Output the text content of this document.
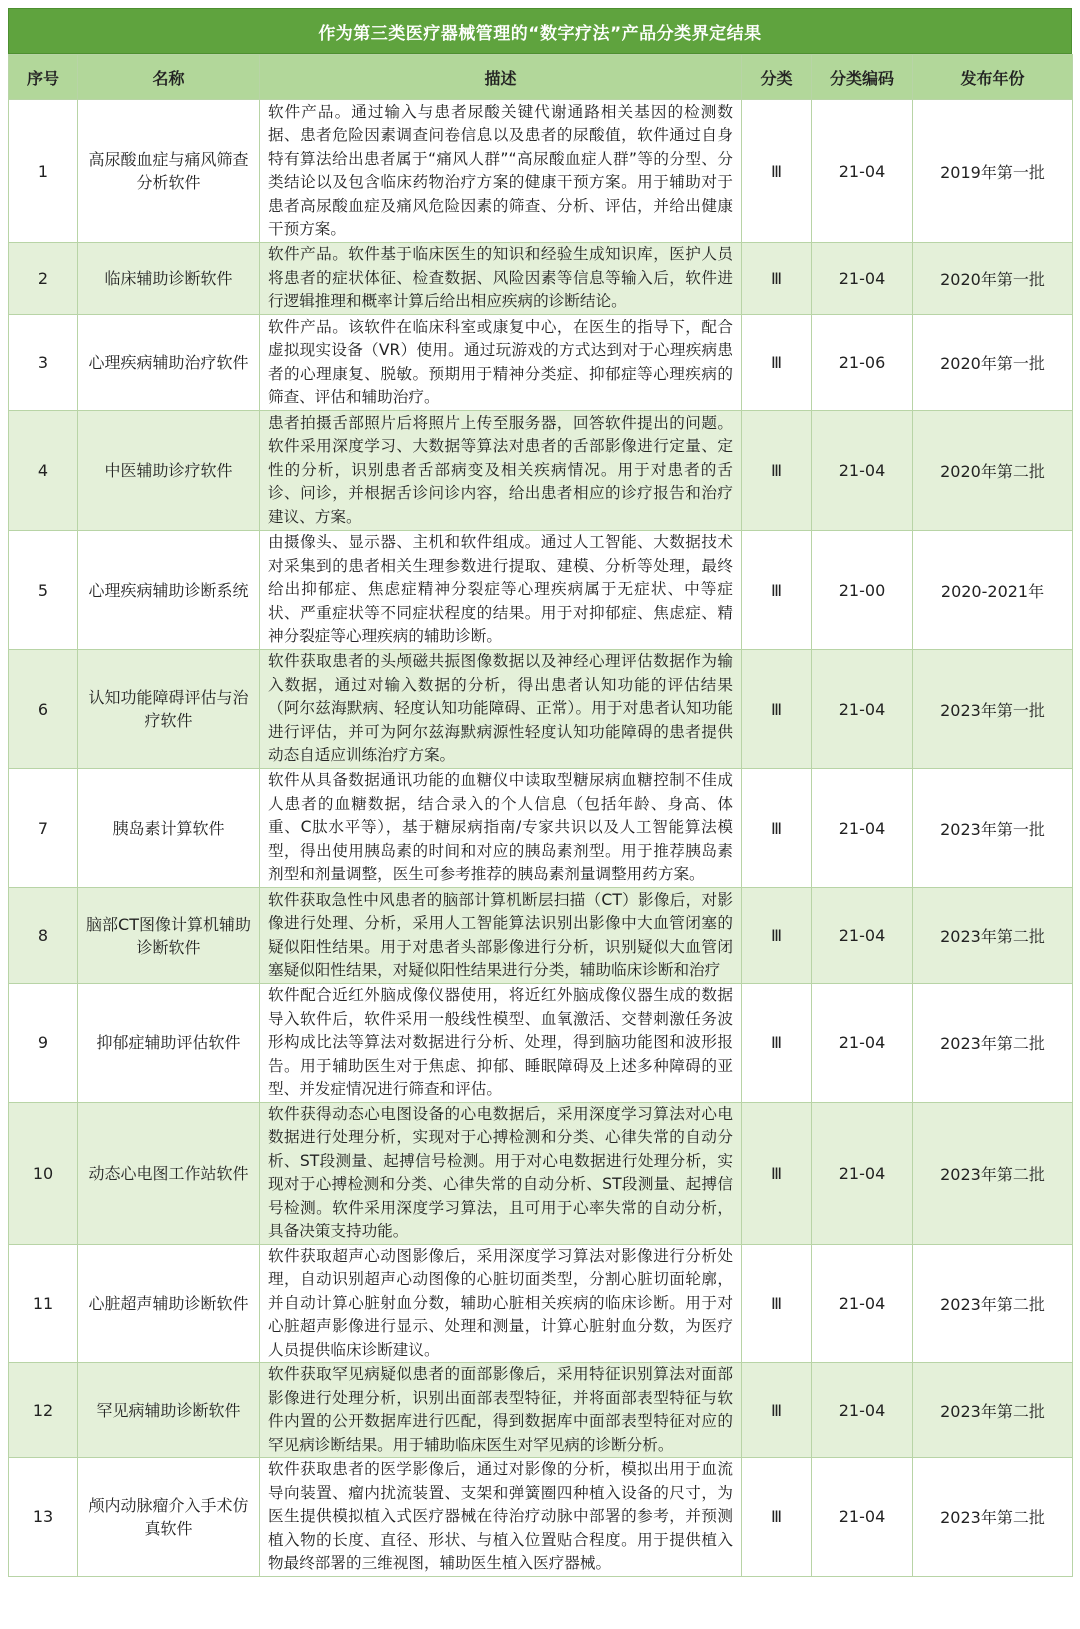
作为第三类医疗器械管理的“数字疗法”产品分类界定结果
序号	名称	描述	分类	分类编码	发布年份
1	高尿酸血症与痛风筛查分析软件	软件产品。通过输入与患者尿酸关键代谢通路相关基因的检测数据、患者危险因素调查问卷信息以及患者的尿酸值，软件通过自身特有算法给出患者属于“痛风人群”“高尿酸血症人群”等的分型、分类结论以及包含临床药物治疗方案的健康干预方案。用于辅助对于患者高尿酸血症及痛风危险因素的筛查、分析、评估，并给出健康干预方案。	Ⅲ	21-04	2019年第一批
2	临床辅助诊断软件	软件产品。软件基于临床医生的知识和经验生成知识库，医护人员将患者的症状体征、检查数据、风险因素等信息等输入后，软件进行逻辑推理和概率计算后给出相应疾病的诊断结论。	Ⅲ	21-04	2020年第一批
3	心理疾病辅助治疗软件	软件产品。该软件在临床科室或康复中心，在医生的指导下，配合虚拟现实设备（VR）使用。通过玩游戏的方式达到对于心理疾病患者的心理康复、脱敏。预期用于精神分类症、抑郁症等心理疾病的筛查、评估和辅助治疗。	Ⅲ	21-06	2020年第一批
4	中医辅助诊疗软件	患者拍摄舌部照片后将照片上传至服务器，回答软件提出的问题。软件采用深度学习、大数据等算法对患者的舌部影像进行定量、定性的分析，识别患者舌部病变及相关疾病情况。用于对患者的舌诊、问诊，并根据舌诊问诊内容，给出患者相应的诊疗报告和治疗建议、方案。	Ⅲ	21-04	2020年第二批
5	心理疾病辅助诊断系统	由摄像头、显示器、主机和软件组成。通过人工智能、大数据技术对采集到的患者相关生理参数进行提取、建模、分析等处理，最终给出抑郁症、焦虑症精神分裂症等心理疾病属于无症状、中等症状、严重症状等不同症状程度的结果。用于对抑郁症、焦虑症、精神分裂症等心理疾病的辅助诊断。	Ⅲ	21-00	2020-2021年
6	认知功能障碍评估与治疗软件	软件获取患者的头颅磁共振图像数据以及神经心理评估数据作为输入数据，通过对输入数据的分析，得出患者认知功能的评估结果（阿尔兹海默病、轻度认知功能障碍、正常）。用于对患者认知功能进行评估，并可为阿尔兹海默病源性轻度认知功能障碍的患者提供动态自适应训练治疗方案。	Ⅲ	21-04	2023年第一批
7	胰岛素计算软件	软件从具备数据通讯功能的血糖仪中读取型糖尿病血糖控制不佳成人患者的血糖数据，结合录入的个人信息（包括年龄、身高、体重、C肽水平等），基于糖尿病指南/专家共识以及人工智能算法模型，得出使用胰岛素的时间和对应的胰岛素剂型。用于推荐胰岛素剂型和剂量调整，医生可参考推荐的胰岛素剂量调整用药方案。	Ⅲ	21-04	2023年第一批
8	脑部CT图像计算机辅助诊断软件	软件获取急性中风患者的脑部计算机断层扫描（CT）影像后，对影像进行处理、分析，采用人工智能算法识别出影像中大血管闭塞的疑似阳性结果。用于对患者头部影像进行分析，识别疑似大血管闭塞疑似阳性结果，对疑似阳性结果进行分类，辅助临床诊断和治疗	Ⅲ	21-04	2023年第二批
9	抑郁症辅助评估软件	软件配合近红外脑成像仪器使用，将近红外脑成像仪器生成的数据导入软件后，软件采用一般线性模型、血氧激活、交替刺激任务波形构成比法等算法对数据进行分析、处理，得到脑功能图和波形报告。用于辅助医生对于焦虑、抑郁、睡眠障碍及上述多种障碍的亚型、并发症情况进行筛查和评估。	Ⅲ	21-04	2023年第二批
10	动态心电图工作站软件	软件获得动态心电图设备的心电数据后，采用深度学习算法对心电数据进行处理分析，实现对于心搏检测和分类、心律失常的自动分析、ST段测量、起搏信号检测。用于对心电数据进行处理分析，实现对于心搏检测和分类、心律失常的自动分析、ST段测量、起搏信号检测。软件采用深度学习算法，且可用于心率失常的自动分析，具备决策支持功能。	Ⅲ	21-04	2023年第二批
11	心脏超声辅助诊断软件	软件获取超声心动图影像后，采用深度学习算法对影像进行分析处理，自动识别超声心动图像的心脏切面类型，分割心脏切面轮廓，并自动计算心脏射血分数，辅助心脏相关疾病的临床诊断。用于对心脏超声影像进行显示、处理和测量，计算心脏射血分数，为医疗人员提供临床诊断建议。	Ⅲ	21-04	2023年第二批
12	罕见病辅助诊断软件	软件获取罕见病疑似患者的面部影像后，采用特征识别算法对面部影像进行处理分析，识别出面部表型特征，并将面部表型特征与软件内置的公开数据库进行匹配，得到数据库中面部表型特征对应的罕见病诊断结果。用于辅助临床医生对罕见病的诊断分析。	Ⅲ	21-04	2023年第二批
13	颅内动脉瘤介入手术仿真软件	软件获取患者的医学影像后，通过对影像的分析，模拟出用于血流导向装置、瘤内扰流装置、支架和弹簧圈四种植入设备的尺寸，为医生提供模拟植入式医疗器械在待治疗动脉中部署的参考，并预测植入物的长度、直径、形状、与植入位置贴合程度。用于提供植入物最终部署的三维视图，辅助医生植入医疗器械。	Ⅲ	21-04	2023年第二批
